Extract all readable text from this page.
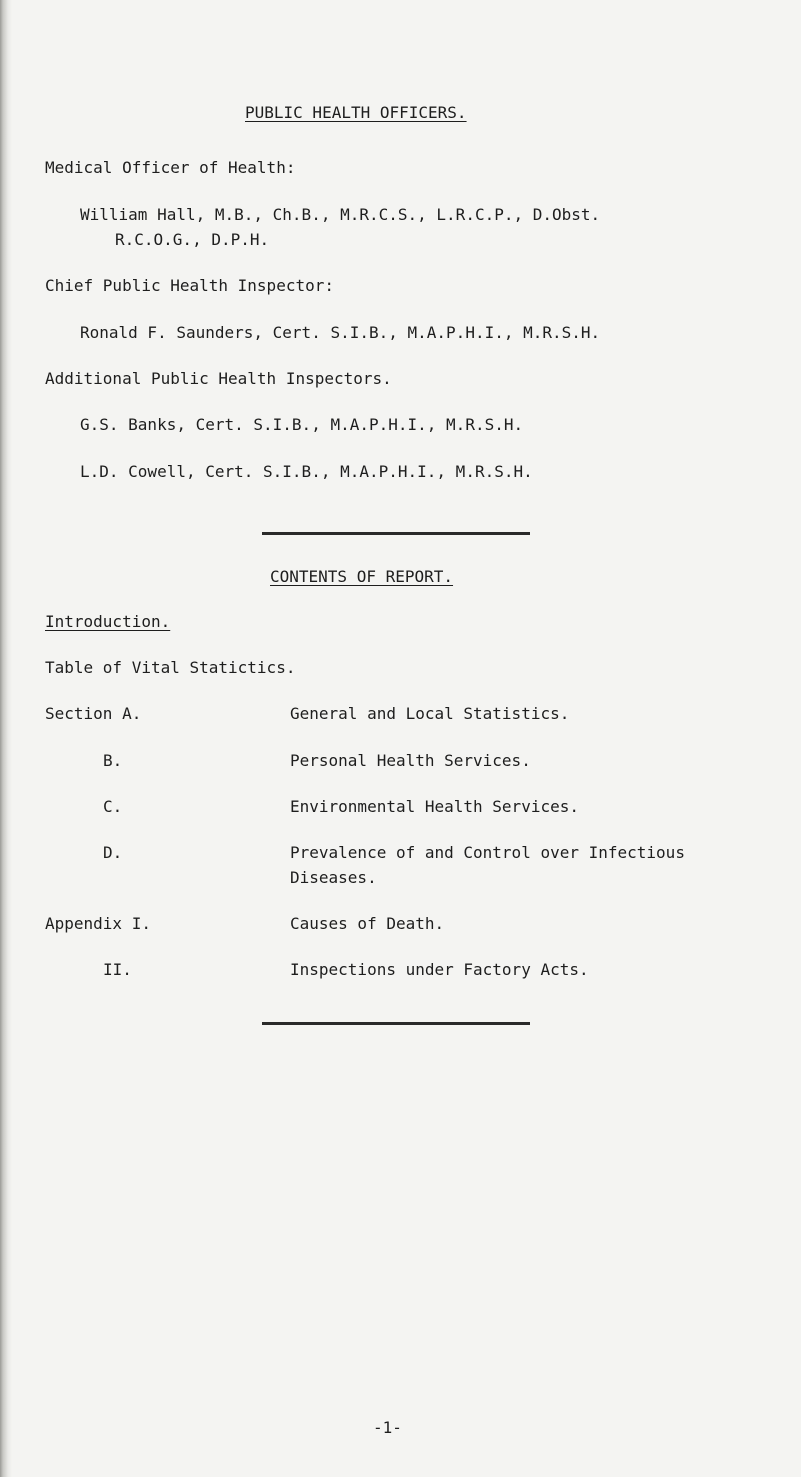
PUBLIC HEALTH OFFICERS.
Medical Officer of Health:
William Hall, M.B., Ch.B., M.R.C.S., L.R.C.P., D.Obst.
R.C.O.G., D.P.H.
Chief Public Health Inspector:
Ronald F. Saunders, Cert. S.I.B., M.A.P.H.I., M.R.S.H.
Additional Public Health Inspectors.
G.S. Banks, Cert. S.I.B., M.A.P.H.I., M.R.S.H.
L.D. Cowell, Cert. S.I.B., M.A.P.H.I., M.R.S.H.
CONTENTS OF REPORT.
Introduction.
Table of Vital Statictics.
Section A.	General and Local Statistics.
B.	Personal Health Services.
C.	Environmental Health Services.
D.	Prevalence of and Control over Infectious
Diseases.
Appendix I.	Causes of Death.
II.	Inspections under Factory Acts.
-1-
